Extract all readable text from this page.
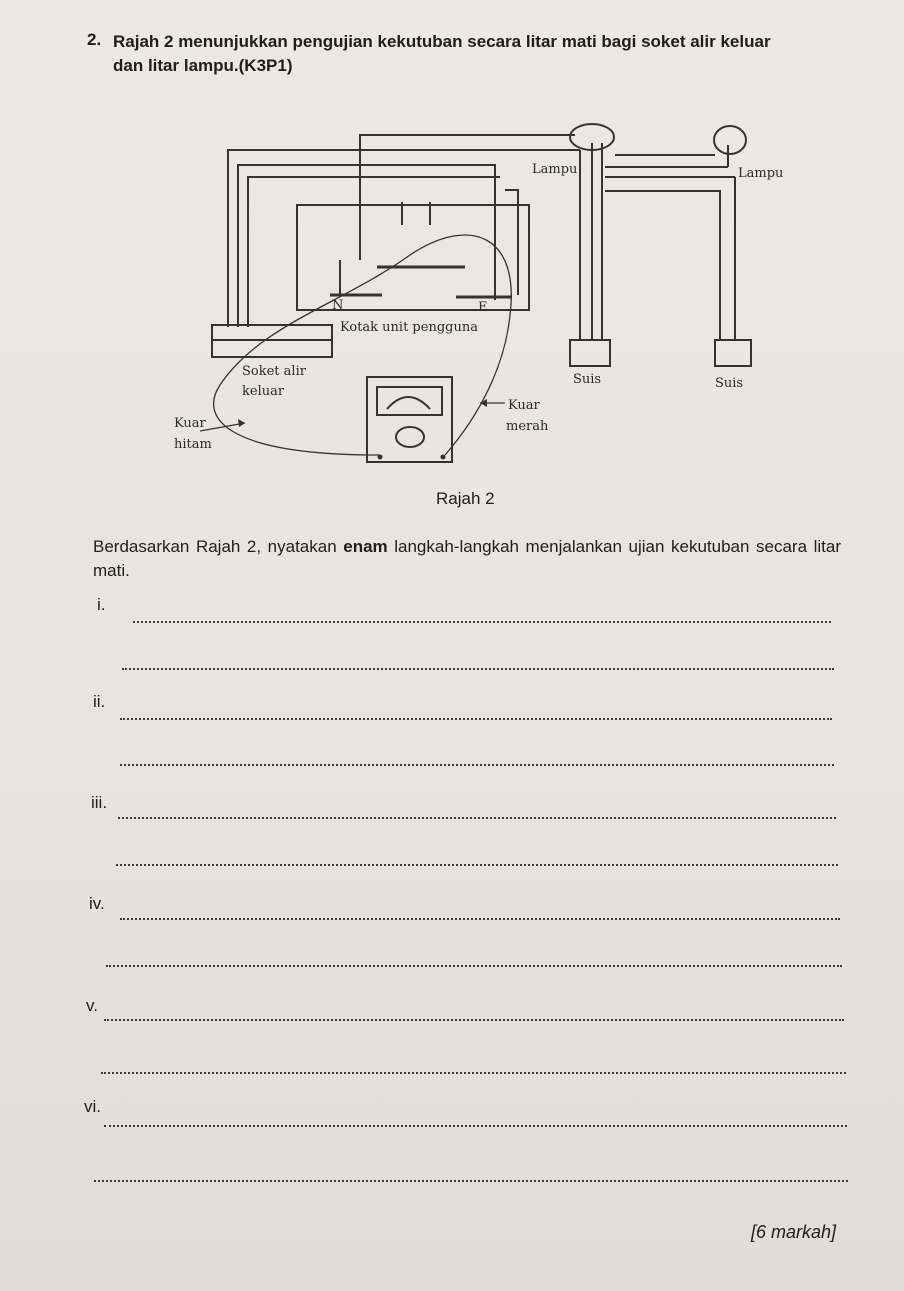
2. Rajah 2 menunjukkan pengujian kekutuban secara litar mati bagi soket alir keluar
dan litar lampu.(K3P1)
Lampu	Lampu
N	E
Kotak unit pengguna
Soket alir
keluar
Suis	Suis
Kuar
hitam
Kuar
merah
Rajah 2
Berdasarkan Rajah 2, nyatakan enam langkah-langkah menjalankan ujian kekutuban secara litar mati.
i.
ii.
iii.
iv.
v.
vi.
[6 markah]
